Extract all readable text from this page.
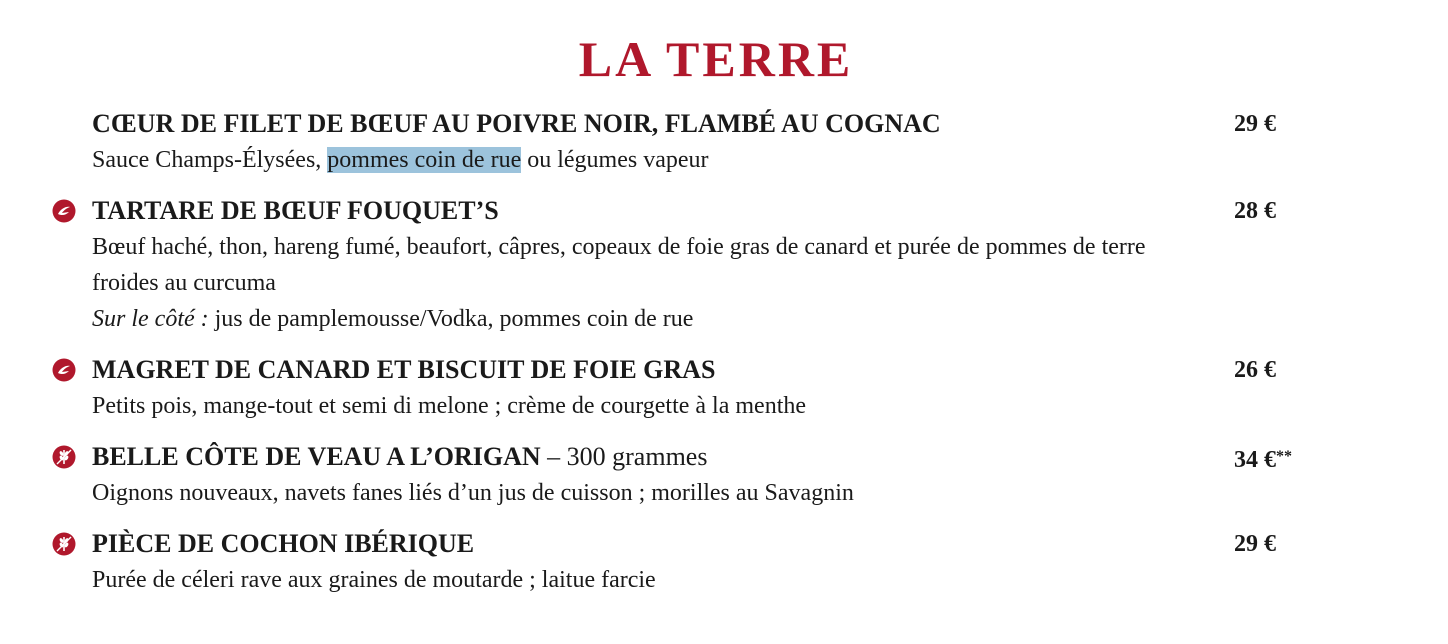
LA TERRE
CŒUR DE FILET DE BŒUF AU POIVRE NOIR, FLAMBÉ AU COGNAC	29 €
Sauce Champs-Élysées, pommes coin de rue ou légumes vapeur
TARTARE DE BŒUF FOUQUET’S	28 €
Bœuf haché, thon, hareng fumé, beaufort, câpres, copeaux de foie gras de canard et purée de pommes de terre froides au curcuma
Sur le côté : jus de pamplemousse/Vodka, pommes coin de rue
MAGRET DE CANARD ET BISCUIT DE FOIE GRAS	26 €
Petits pois, mange-tout et semi di melone ; crème de courgette à la menthe
BELLE CÔTE DE VEAU A L’ORIGAN – 300 grammes	34 €**
Oignons nouveaux, navets fanes liés d’un jus de cuisson ; morilles au Savagnin
PIÈCE DE COCHON IBÉRIQUE	29 €
Purée de céleri rave aux graines de moutarde ; laitue farcie
